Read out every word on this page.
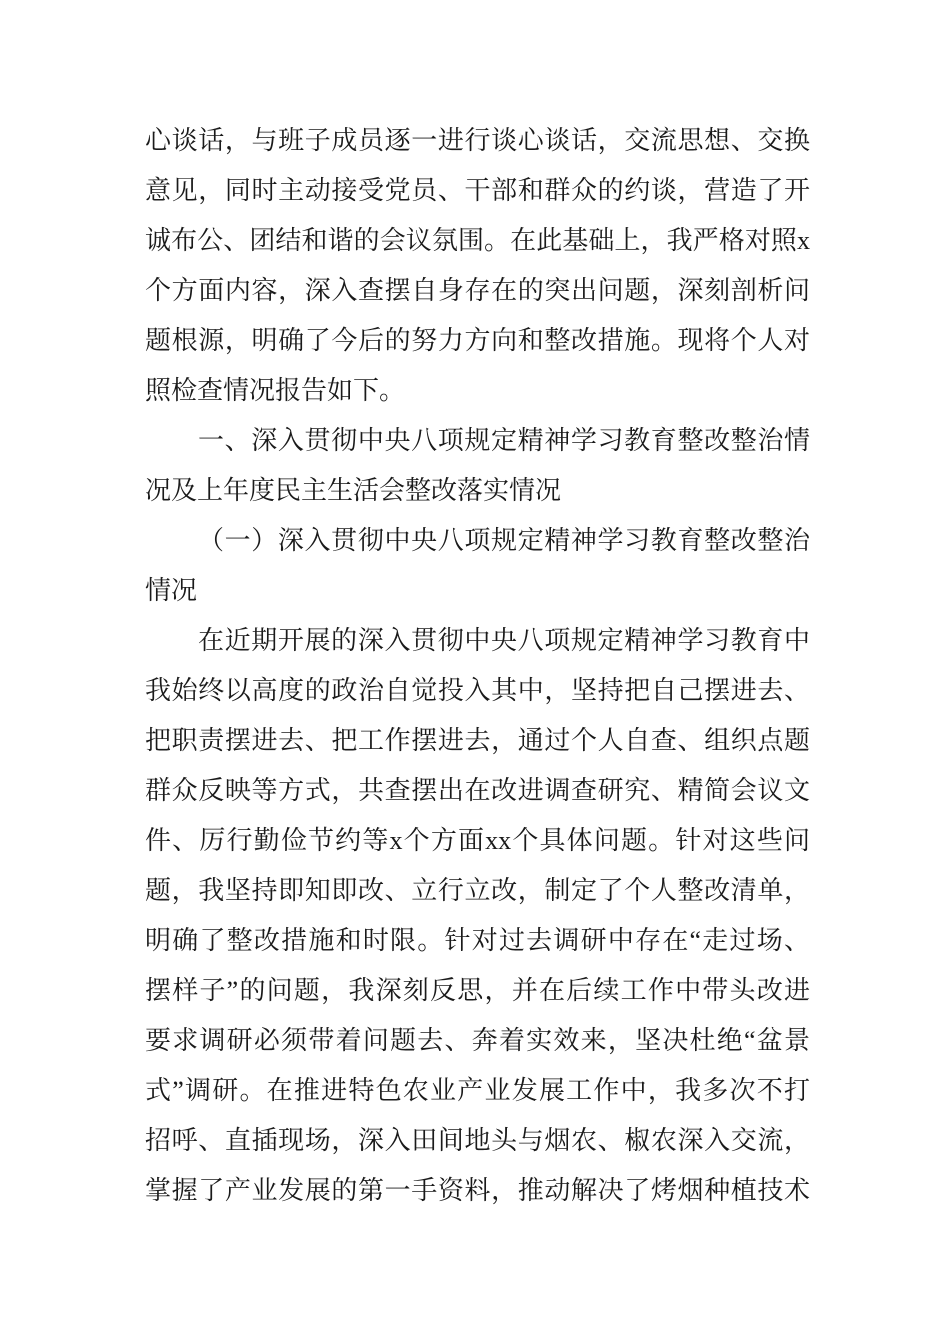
心谈话，与班子成员逐一进行谈心谈话，交流思想、交换
意见，同时主动接受党员、干部和群众的约谈，营造了开
诚布公、团结和谐的会议氛围。在此基础上，我严格对照x
个方面内容，深入查摆自身存在的突出问题，深刻剖析问
题根源，明确了今后的努力方向和整改措施。现将个人对
照检查情况报告如下。
一、深入贯彻中央八项规定精神学习教育整改整治情
况及上年度民主生活会整改落实情况
（一）深入贯彻中央八项规定精神学习教育整改整治
情况
在近期开展的深入贯彻中央八项规定精神学习教育中
我始终以高度的政治自觉投入其中，坚持把自己摆进去、
把职责摆进去、把工作摆进去，通过个人自查、组织点题
群众反映等方式，共查摆出在改进调查研究、精简会议文
件、厉行勤俭节约等x个方面xx个具体问题。针对这些问
题，我坚持即知即改、立行立改，制定了个人整改清单，
明确了整改措施和时限。针对过去调研中存在“走过场、
摆样子”的问题，我深刻反思，并在后续工作中带头改进
要求调研必须带着问题去、奔着实效来，坚决杜绝“盆景
式”调研。在推进特色农业产业发展工作中，我多次不打
招呼、直插现场，深入田间地头与烟农、椒农深入交流，
掌握了产业发展的第一手资料，推动解决了烤烟种植技术
